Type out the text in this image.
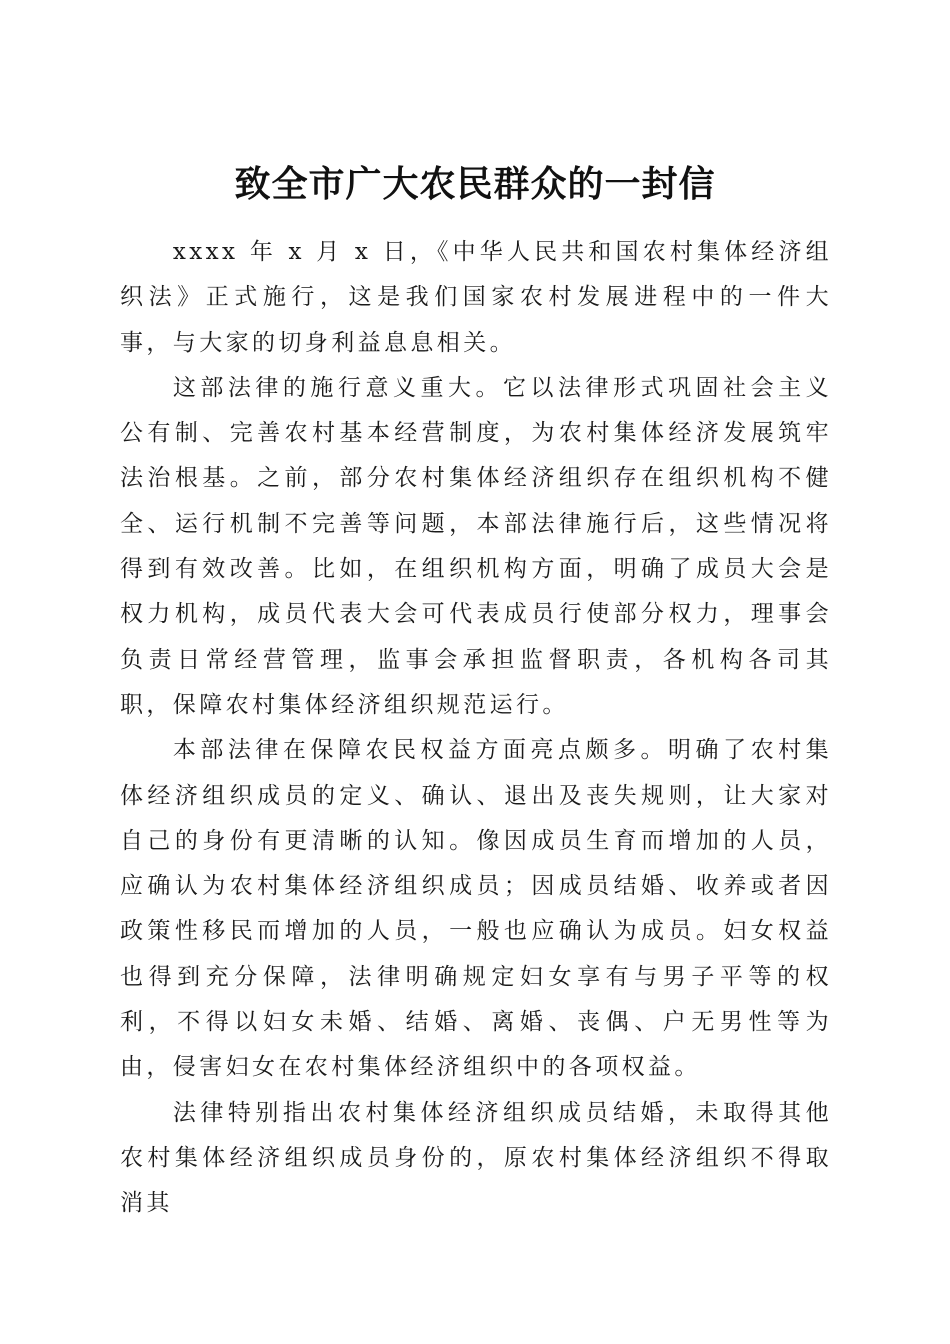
致全市广大农民群众的一封信

xxxx 年 x 月 x 日，《中华人民共和国农村集体经济组织法》正式施行，这是我们国家农村发展进程中的一件大事，与大家的切身利益息息相关。

这部法律的施行意义重大。它以法律形式巩固社会主义公有制、完善农村基本经营制度，为农村集体经济发展筑牢法治根基。之前，部分农村集体经济组织存在组织机构不健全、运行机制不完善等问题，本部法律施行后，这些情况将得到有效改善。比如，在组织机构方面，明确了成员大会是权力机构，成员代表大会可代表成员行使部分权力，理事会负责日常经营管理，监事会承担监督职责，各机构各司其职，保障农村集体经济组织规范运行。

本部法律在保障农民权益方面亮点颇多。明确了农村集体经济组织成员的定义、确认、退出及丧失规则，让大家对自己的身份有更清晰的认知。像因成员生育而增加的人员，应确认为农村集体经济组织成员；因成员结婚、收养或者因政策性移民而增加的人员，一般也应确认为成员。妇女权益也得到充分保障，法律明确规定妇女享有与男子平等的权利，不得以妇女未婚、结婚、离婚、丧偶、户无男性等为由，侵害妇女在农村集体经济组织中的各项权益。

法律特别指出农村集体经济组织成员结婚，未取得其他农村集体经济组织成员身份的，原农村集体经济组织不得取消其
